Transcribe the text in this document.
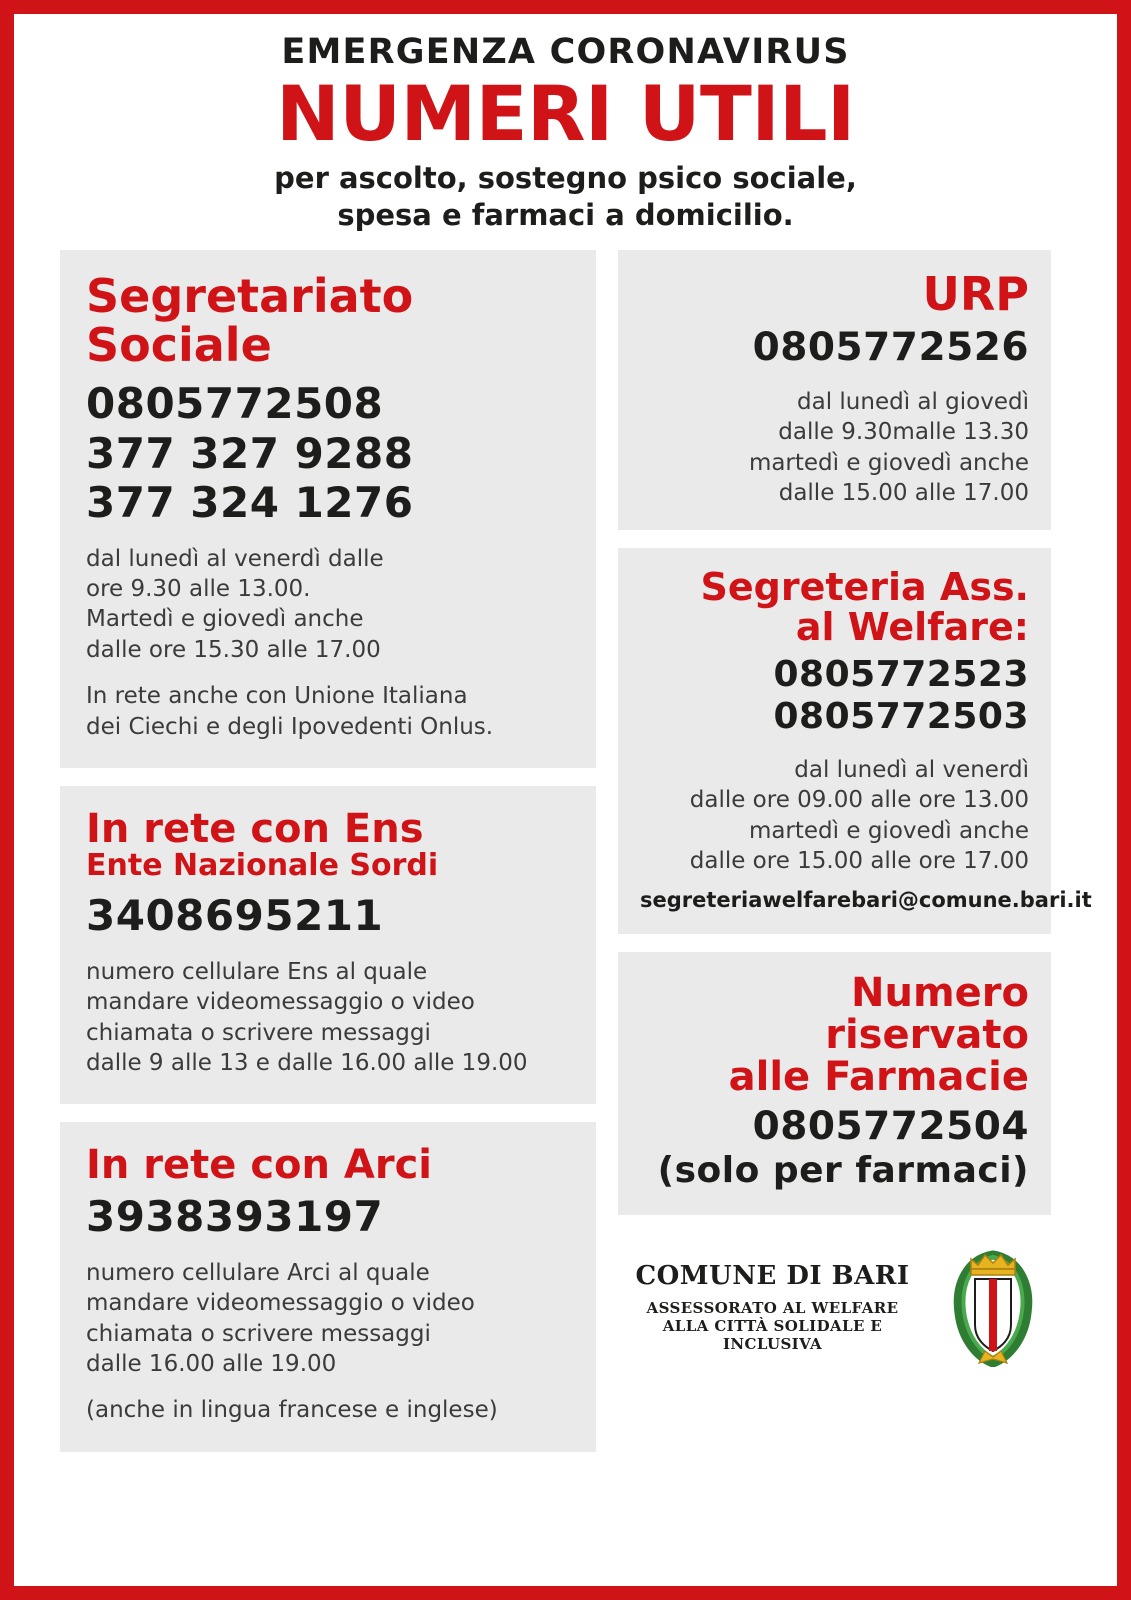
EMERGENZA CORONAVIRUS
NUMERI UTILI
per ascolto, sostegno psico sociale,
spesa e farmaci a domicilio.
Segretariato Sociale
0805772508
377 327 9288
377 324 1276
dal lunedì al venerdì dalle
ore 9.30 alle 13.00.
Martedì e giovedì anche
dalle ore 15.30 alle 17.00
In rete anche con Unione Italiana
dei Ciechi e degli Ipovedenti Onlus.
In rete con Ens
Ente Nazionale Sordi
3408695211
numero cellulare Ens al quale
mandare videomessaggio o video
chiamata o scrivere messaggi
dalle 9 alle 13 e dalle 16.00 alle 19.00
In rete con Arci
3938393197
numero cellulare Arci al quale
mandare videomessaggio o video
chiamata o scrivere messaggi
dalle 16.00 alle 19.00
(anche in lingua francese e inglese)
URP
0805772526
dal lunedì al giovedì
dalle 9.30malle 13.30
martedì e giovedì anche
dalle 15.00 alle 17.00
Segreteria Ass.
al Welfare:
0805772523
0805772503
dal lunedì al venerdì
dalle ore 09.00 alle ore 13.00
martedì e giovedì anche
dalle ore 15.00 alle ore 17.00
segreteriawelfarebari@comune.bari.it
Numero
riservato
alle Farmacie
0805772504
(solo per farmaci)
COMUNE DI BARI
ASSESSORATO AL WELFARE
ALLA CITTÀ SOLIDALE E INCLUSIVA
